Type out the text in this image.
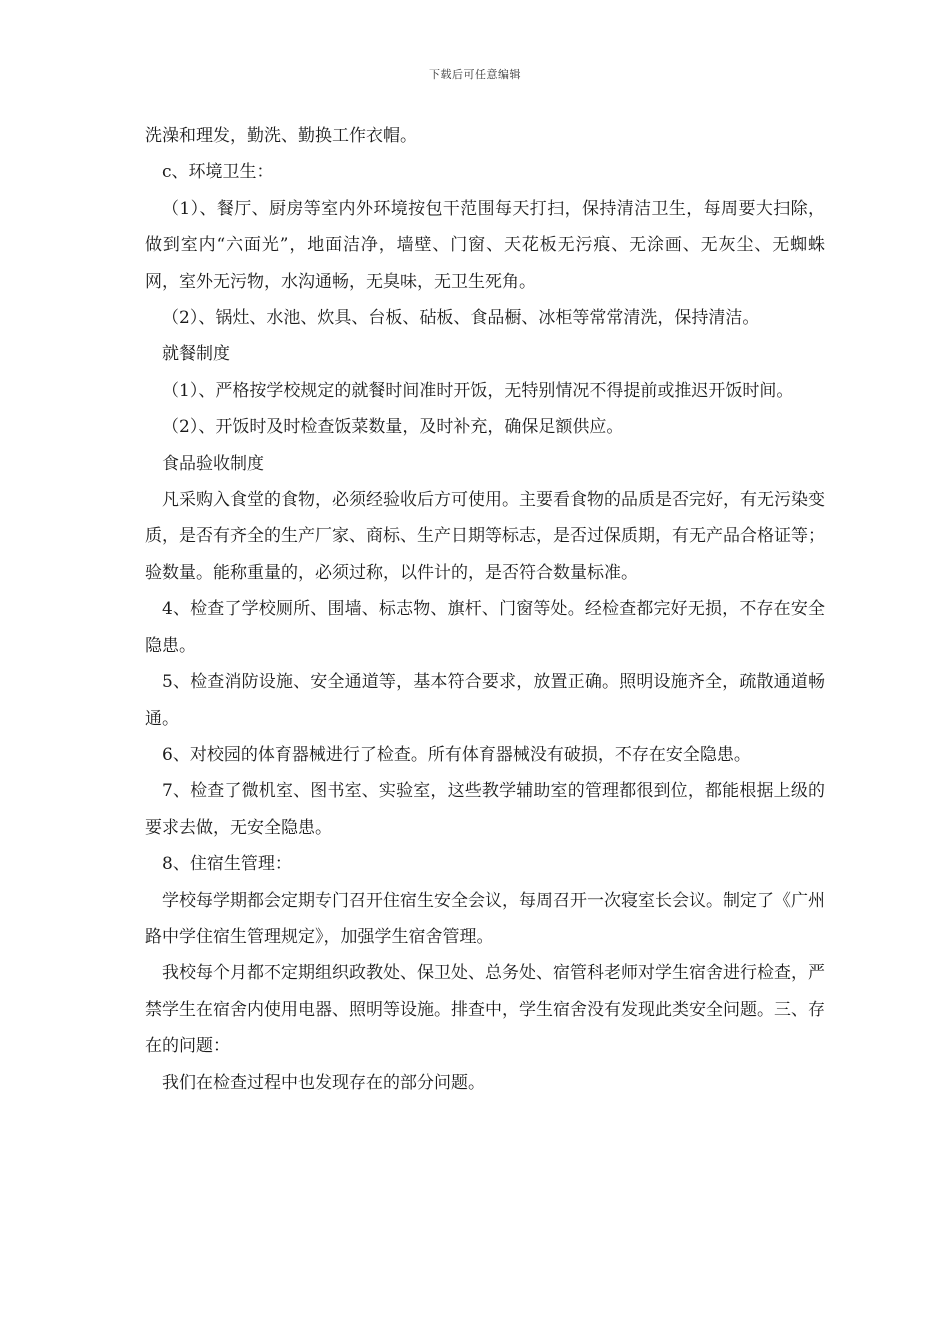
下载后可任意编辑

洗澡和理发，勤洗、勤换工作衣帽。

c、环境卫生：

（1）、餐厅、厨房等室内外环境按包干范围每天打扫，保持清洁卫生，每周要大扫除，做到室内“六面光”，地面洁净，墙壁、门窗、天花板无污痕、无涂画、无灰尘、无蜘蛛网，室外无污物，水沟通畅，无臭味，无卫生死角。

（2）、锅灶、水池、炊具、台板、砧板、食品橱、冰柜等常常清洗，保持清洁。

就餐制度

（1）、严格按学校规定的就餐时间准时开饭，无特别情况不得提前或推迟开饭时间。

（2）、开饭时及时检查饭菜数量，及时补充，确保足额供应。

食品验收制度

凡采购入食堂的食物，必须经验收后方可使用。主要看食物的品质是否完好，有无污染变质，是否有齐全的生产厂家、商标、生产日期等标志，是否过保质期，有无产品合格证等；验数量。能称重量的，必须过称，以件计的，是否符合数量标准。

4、检查了学校厕所、围墙、标志物、旗杆、门窗等处。经检查都完好无损，不存在安全隐患。

5、检查消防设施、安全通道等，基本符合要求，放置正确。照明设施齐全，疏散通道畅通。

6、对校园的体育器械进行了检查。所有体育器械没有破损，不存在安全隐患。

7、检查了微机室、图书室、实验室，这些教学辅助室的管理都很到位，都能根据上级的要求去做，无安全隐患。

8、住宿生管理：

学校每学期都会定期专门召开住宿生安全会议，每周召开一次寝室长会议。制定了《广州路中学住宿生管理规定》，加强学生宿舍管理。

我校每个月都不定期组织政教处、保卫处、总务处、宿管科老师对学生宿舍进行检查，严禁学生在宿舍内使用电器、照明等设施。排查中，学生宿舍没有发现此类安全问题。三、存在的问题：

我们在检查过程中也发现存在的部分问题。
